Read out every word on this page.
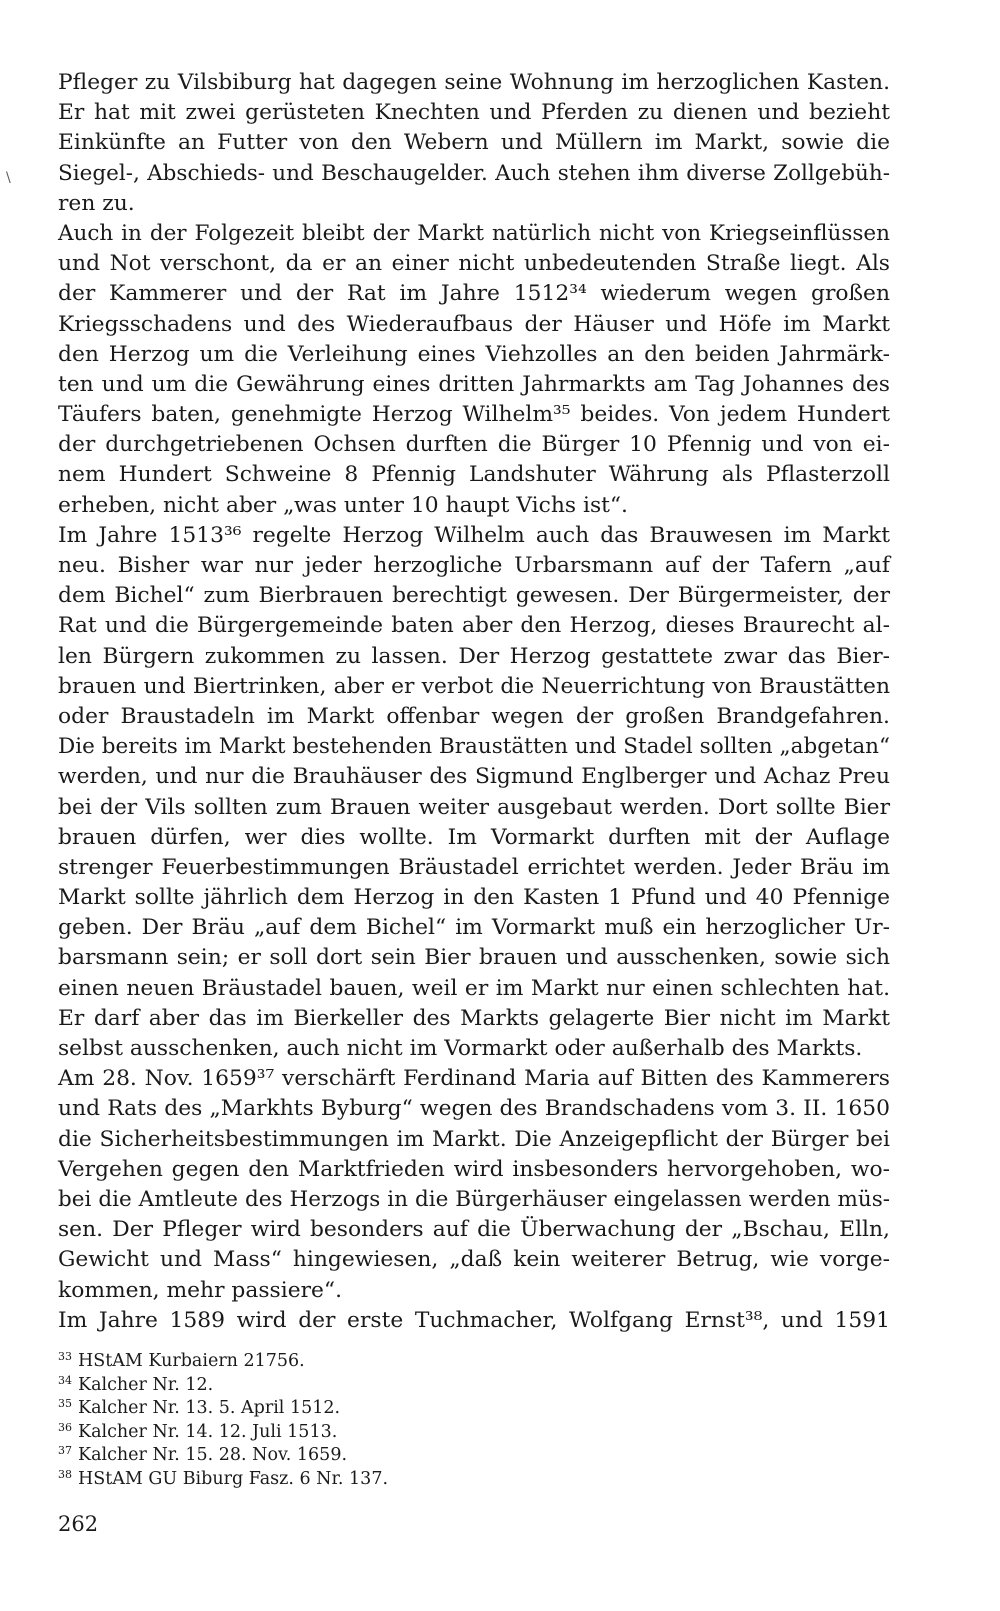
\
Pfleger zu Vilsbiburg hat dagegen seine Wohnung im herzoglichen Kasten.
Er hat mit zwei gerüsteten Knechten und Pferden zu dienen und bezieht
Einkünfte an Futter von den Webern und Müllern im Markt, sowie die
Siegel-, Abschieds- und Beschaugelder. Auch stehen ihm diverse Zollgebüh-
ren zu.
Auch in der Folgezeit bleibt der Markt natürlich nicht von Kriegseinflüssen
und Not verschont, da er an einer nicht unbedeutenden Straße liegt. Als
der Kammerer und der Rat im Jahre 1512³⁴ wiederum wegen großen
Kriegsschadens und des Wiederaufbaus der Häuser und Höfe im Markt
den Herzog um die Verleihung eines Viehzolles an den beiden Jahrmärk-
ten und um die Gewährung eines dritten Jahrmarkts am Tag Johannes des
Täufers baten, genehmigte Herzog Wilhelm³⁵ beides. Von jedem Hundert
der durchgetriebenen Ochsen durften die Bürger 10 Pfennig und von ei-
nem Hundert Schweine 8 Pfennig Landshuter Währung als Pflasterzoll
erheben, nicht aber „was unter 10 haupt Vichs ist“.
Im Jahre 1513³⁶ regelte Herzog Wilhelm auch das Brauwesen im Markt
neu. Bisher war nur jeder herzogliche Urbarsmann auf der Tafern „auf
dem Bichel“ zum Bierbrauen berechtigt gewesen. Der Bürgermeister, der
Rat und die Bürgergemeinde baten aber den Herzog, dieses Braurecht al-
len Bürgern zukommen zu lassen. Der Herzog gestattete zwar das Bier-
brauen und Biertrinken, aber er verbot die Neuerrichtung von Braustätten
oder Braustadeln im Markt offenbar wegen der großen Brandgefahren.
Die bereits im Markt bestehenden Braustätten und Stadel sollten „abgetan“
werden, und nur die Brauhäuser des Sigmund Englberger und Achaz Preu
bei der Vils sollten zum Brauen weiter ausgebaut werden. Dort sollte Bier
brauen dürfen, wer dies wollte. Im Vormarkt durften mit der Auflage
strenger Feuerbestimmungen Bräustadel errichtet werden. Jeder Bräu im
Markt sollte jährlich dem Herzog in den Kasten 1 Pfund und 40 Pfennige
geben. Der Bräu „auf dem Bichel“ im Vormarkt muß ein herzoglicher Ur-
barsmann sein; er soll dort sein Bier brauen und ausschenken, sowie sich
einen neuen Bräustadel bauen, weil er im Markt nur einen schlechten hat.
Er darf aber das im Bierkeller des Markts gelagerte Bier nicht im Markt
selbst ausschenken, auch nicht im Vormarkt oder außerhalb des Markts.
Am 28. Nov. 1659³⁷ verschärft Ferdinand Maria auf Bitten des Kammerers
und Rats des „Markhts Byburg“ wegen des Brandschadens vom 3. II. 1650
die Sicherheitsbestimmungen im Markt. Die Anzeigepflicht der Bürger bei
Vergehen gegen den Marktfrieden wird insbesonders hervorgehoben, wo-
bei die Amtleute des Herzogs in die Bürgerhäuser eingelassen werden müs-
sen. Der Pfleger wird besonders auf die Überwachung der „Bschau, Elln,
Gewicht und Mass“ hingewiesen, „daß kein weiterer Betrug, wie vorge-
kommen, mehr passiere“.
Im Jahre 1589 wird der erste Tuchmacher, Wolfgang Ernst³⁸, und 1591
33 HStAM Kurbaiern 21756.
34 Kalcher Nr. 12.
35 Kalcher Nr. 13. 5. April 1512.
36 Kalcher Nr. 14. 12. Juli 1513.
37 Kalcher Nr. 15. 28. Nov. 1659.
38 HStAM GU Biburg Fasz. 6 Nr. 137.
262
